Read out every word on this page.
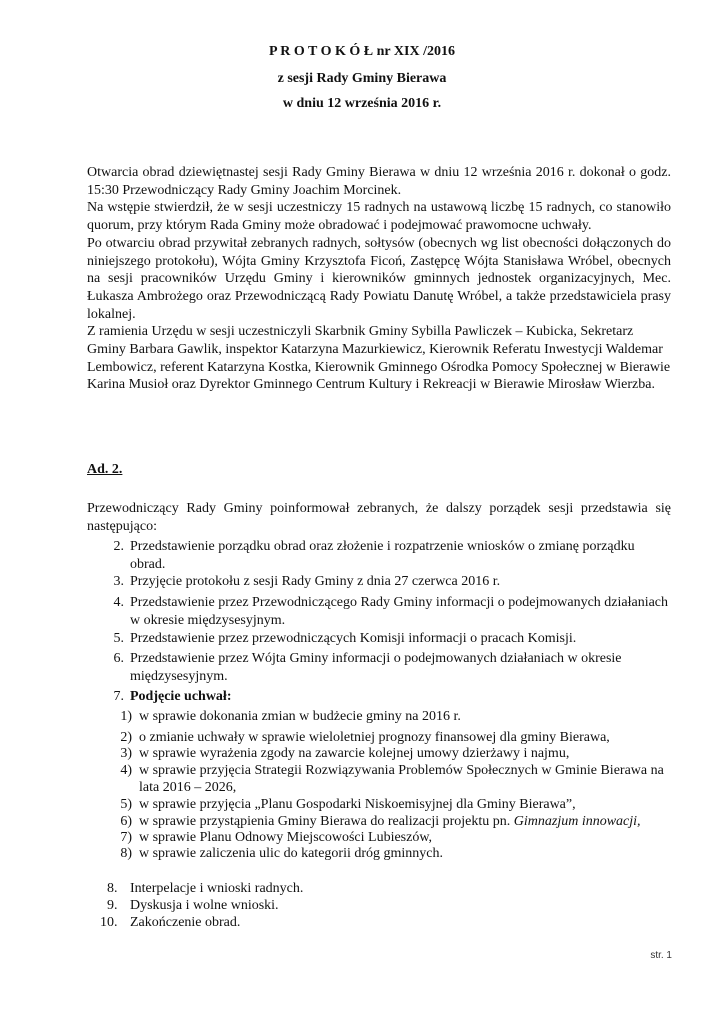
P R O T O K Ó Ł nr XIX /2016
z sesji Rady Gminy Bierawa
w dniu 12 września 2016 r.

Otwarcia obrad dziewiętnastej sesji Rady Gminy Bierawa w dniu 12 września 2016 r. dokonał o godz. 15:30 Przewodniczący Rady Gminy Joachim Morcinek.

Na wstępie stwierdził, że w sesji uczestniczy 15 radnych na ustawową liczbę 15 radnych, co stanowiło quorum, przy którym Rada Gminy może obradować i podejmować prawomocne uchwały.

Po otwarciu obrad przywitał zebranych radnych, sołtysów (obecnych wg list obecności dołączonych do niniejszego protokołu), Wójta Gminy Krzysztofa Ficoń, Zastępcę Wójta Stanisława Wróbel, obecnych na sesji pracowników Urzędu Gminy i kierowników gminnych jednostek organizacyjnych, Mec. Łukasza Ambrożego oraz Przewodniczącą Rady Powiatu Danutę Wróbel, a także przedstawiciela prasy lokalnej.

Z ramienia Urzędu w sesji uczestniczyli Skarbnik Gminy Sybilla Pawliczek – Kubicka, Sekretarz Gminy Barbara Gawlik, inspektor Katarzyna Mazurkiewicz, Kierownik Referatu Inwestycji Waldemar Lembowicz, referent Katarzyna Kostka, Kierownik Gminnego Ośrodka Pomocy Społecznej w Bierawie Karina Musioł oraz Dyrektor Gminnego Centrum Kultury i Rekreacji w Bierawie Mirosław Wierzba.

Ad. 2.
Przewodniczący Rady Gminy poinformował zebranych, że dalszy porządek sesji przedstawia się następująco:
2. Przedstawienie porządku obrad oraz złożenie i rozpatrzenie wniosków o zmianę porządku obrad.
3. Przyjęcie protokołu z sesji Rady Gminy z dnia 27 czerwca 2016 r.
4. Przedstawienie przez Przewodniczącego Rady Gminy informacji o podejmowanych działaniach w okresie międzysesyjnym.
5. Przedstawienie przez przewodniczących Komisji informacji o pracach Komisji.
6. Przedstawienie przez Wójta Gminy informacji o podejmowanych działaniach w okresie międzysesyjnym.
7. Podjęcie uchwał:
1) w sprawie dokonania zmian w budżecie gminy na 2016 r.
2) o zmianie uchwały w sprawie wieloletniej prognozy finansowej dla gminy Bierawa,
3) w sprawie wyrażenia zgody na zawarcie kolejnej umowy dzierżawy i najmu,
4) w sprawie przyjęcia Strategii Rozwiązywania Problemów Społecznych w Gminie Bierawa na lata 2016 – 2026,
5) w sprawie przyjęcia „Planu Gospodarki Niskoemisyjnej dla Gminy Bierawa”,
6) w sprawie przystąpienia Gminy Bierawa do realizacji projektu pn. Gimnazjum innowacji,
7) w sprawie Planu Odnowy Miejscowości Lubieszów,
8) w sprawie zaliczenia ulic do kategorii dróg gminnych.
8. Interpelacje i wnioski radnych.
9. Dyskusja i wolne wnioski.
10. Zakończenie obrad.
str. 1
